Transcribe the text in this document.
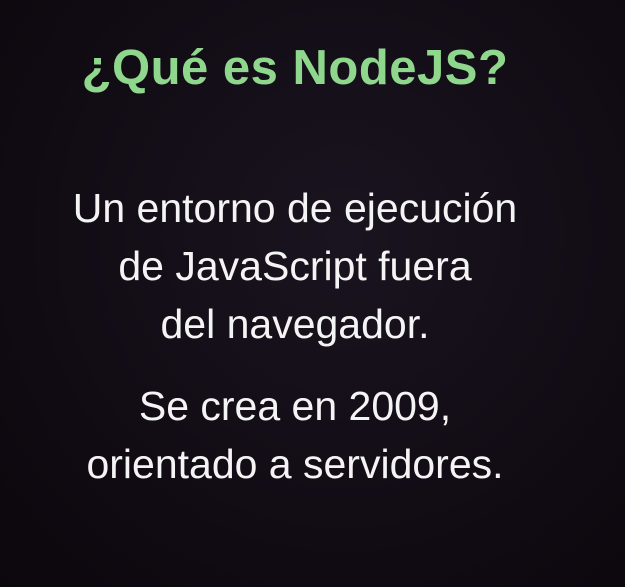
¿Qué es NodeJS?
Un entorno de ejecución
de JavaScript fuera
del navegador.
Se crea en 2009,
orientado a servidores.
